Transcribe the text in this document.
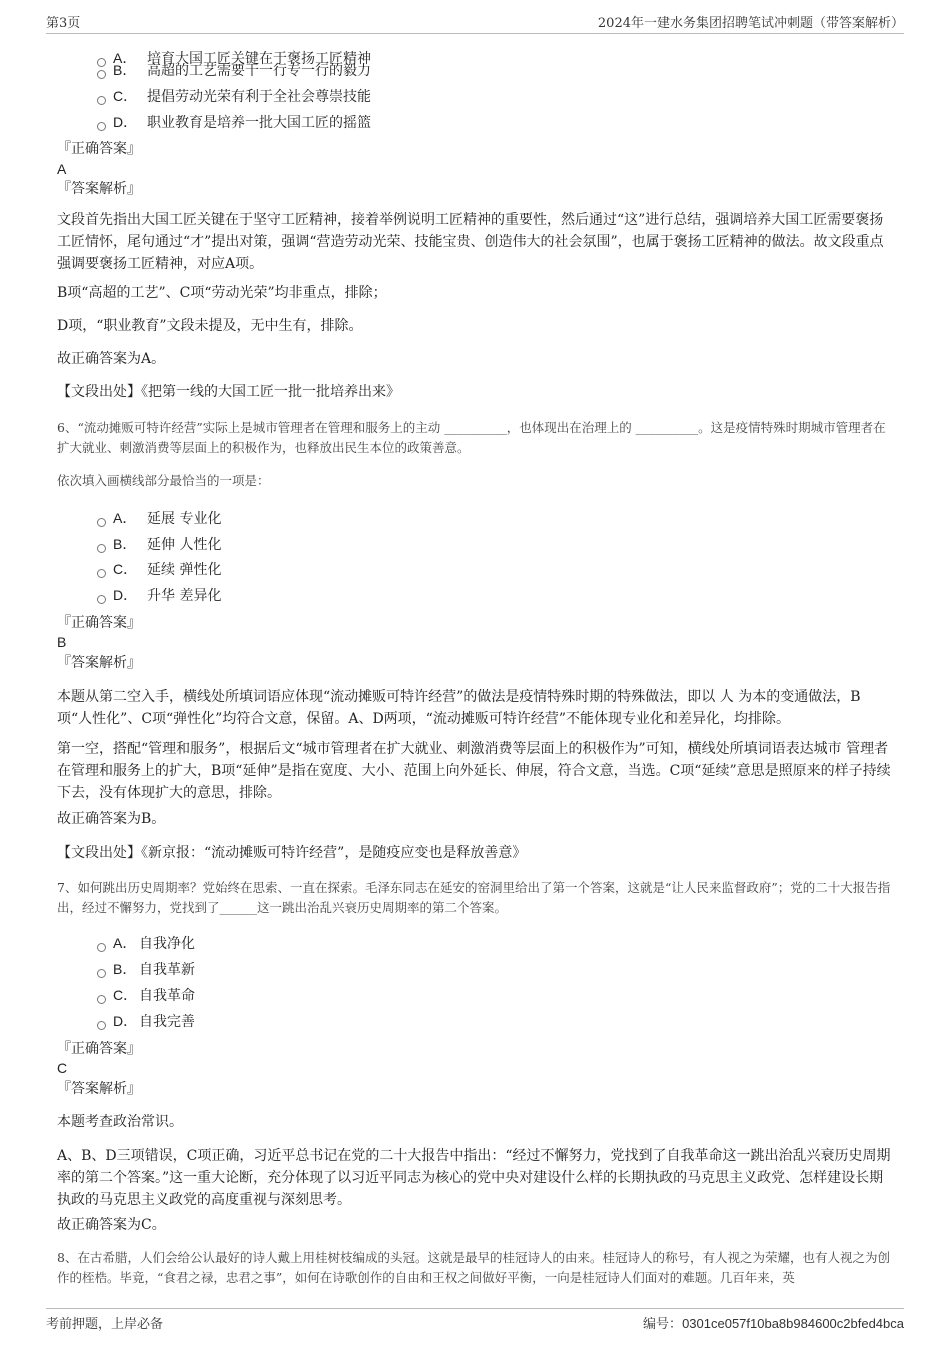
第3页	2024年一建水务集团招聘笔试冲刺题（带答案解析）
A． 培育大国工匠关键在于褒扬工匠精神
B． 高超的工艺需要干一行专一行的毅力
C． 提倡劳动光荣有利于全社会尊崇技能
D． 职业教育是培养一批大国工匠的摇篮
『正确答案』
A
『答案解析』

文段首先指出大国工匠关键在于坚守工匠精神，接着举例说明工匠精神的重要性，然后通过“这”进行总结，强调培养大国工匠需要褒扬工匠情怀，尾句通过“才”提出对策，强调“营造劳动光荣、技能宝贵、创造伟大的社会氛围”，也属于褒扬工匠精神的做法。故文段重点强调要褒扬工匠精神，对应A项。

B项“高超的工艺”、C项“劳动光荣”均非重点，排除；

D项，“职业教育”文段未提及，无中生有，排除。

故正确答案为A。

【文段出处】《把第一线的大国工匠一批一批培养出来》

6、“流动摊贩可特许经营”实际上是城市管理者在管理和服务上的主动 __________，也体现出在治理上的 __________。这是疫情特殊时期城市管理者在扩大就业、刺激消费等层面上的积极作为，也释放出民生本位的政策善意。

依次填入画横线部分最恰当的一项是：

A． 延展 专业化
B． 延伸 人性化
C． 延续 弹性化
D． 升华 差异化
『正确答案』
B
『答案解析』

本题从第二空入手，横线处所填词语应体现“流动摊贩可特许经营”的做法是疫情特殊时期的特殊做法，即以 人 为本的变通做法，B项“人性化”、C项“弹性化”均符合文意，保留。A、D两项，“流动摊贩可特许经营”不能体现专业化和差异化，均排除。

第一空，搭配“管理和服务”，根据后文“城市管理者在扩大就业、刺激消费等层面上的积极作为”可知，横线处所填词语表达城市 管理者在管理和服务上的扩大，B项“延伸”是指在宽度、大小、范围上向外延长、伸展，符合文意，当选。C项“延续”意思是照原来的样子持续下去，没有体现扩大的意思，排除。

故正确答案为B。

【文段出处】《新京报：“流动摊贩可特许经营”，是随疫应变也是释放善意》

7、如何跳出历史周期率？党始终在思索、一直在探索。毛泽东同志在延安的窑洞里给出了第一个答案，这就是“让人民来监督政府”；党的二十大报告指出，经过不懈努力，党找到了______这一跳出治乱兴衰历史周期率的第二个答案。

A． 自我净化
B． 自我革新
C． 自我革命
D． 自我完善
『正确答案』
C
『答案解析』

本题考查政治常识。

A、B、D三项错误，C项正确，习近平总书记在党的二十大报告中指出：“经过不懈努力，党找到了自我革命这一跳出治乱兴衰历史周期率的第二个答案。”这一重大论断，充分体现了以习近平同志为核心的党中央对建设什么样的长期执政的马克思主义政党、怎样建设长期执政的马克思主义政党的高度重视与深刻思考。

故正确答案为C。

8、在古希腊，人们会给公认最好的诗人戴上用桂树枝编成的头冠。这就是最早的桂冠诗人的由来。桂冠诗人的称号，有人视之为荣耀，也有人视之为创作的桎梏。毕竟，“食君之禄，忠君之事”，如何在诗歌创作的自由和王权之间做好平衡，一向是桂冠诗人们面对的难题。几百年来，英

考前押题，上岸必备	编号：0301ce057f10ba8b984600c2bfed4bca
